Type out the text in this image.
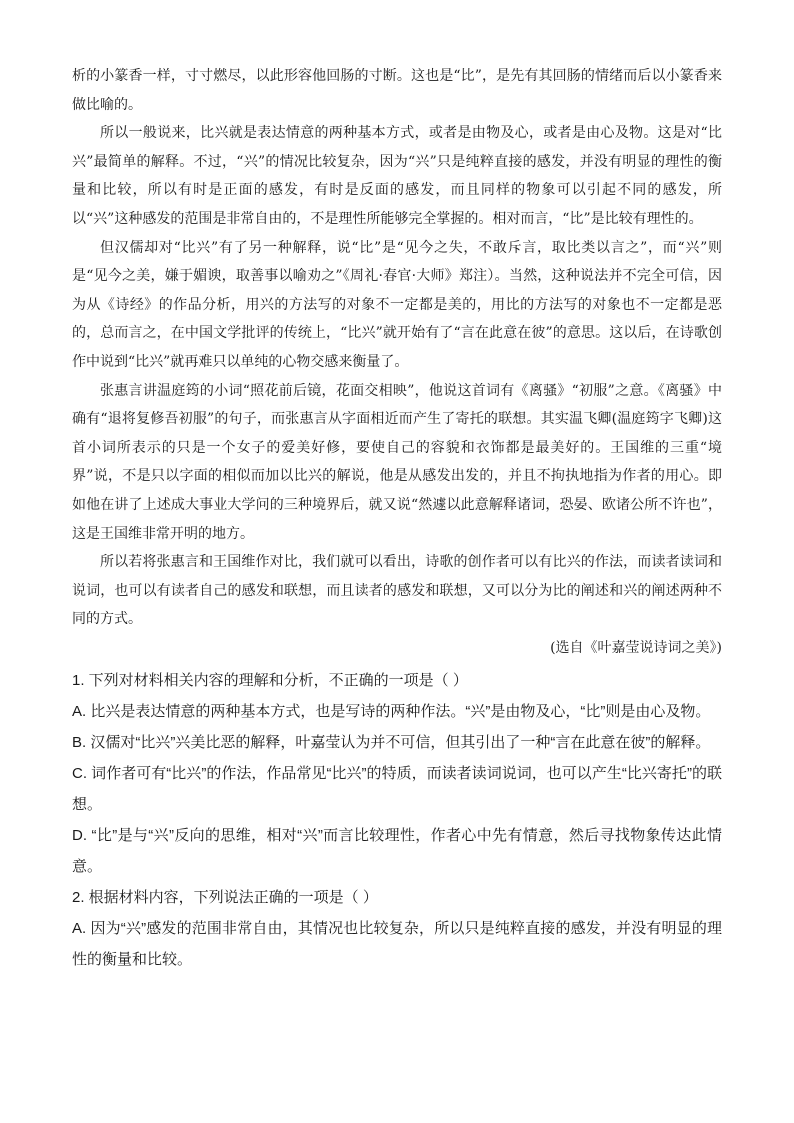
析的小篆香一样，寸寸燃尽，以此形容他回肠的寸断。这也是“比”，是先有其回肠的情绪而后以小篆香来做比喻的。

所以一般说来，比兴就是表达情意的两种基本方式，或者是由物及心，或者是由心及物。这是对“比兴”最简单的解释。不过，“兴”的情况比较复杂，因为“兴”只是纯粹直接的感发，并没有明显的理性的衡量和比较，所以有时是正面的感发，有时是反面的感发，而且同样的物象可以引起不同的感发，所以“兴”这种感发的范围是非常自由的，不是理性所能够完全掌握的。相对而言，“比”是比较有理性的。

但汉儒却对“比兴”有了另一种解释，说“比”是“见今之失，不敢斥言，取比类以言之”，而“兴”则是“见今之美，嫌于媚谀，取善事以喻劝之”《周礼·春官·大师》郑注）。当然，这种说法并不完全可信，因为从《诗经》的作品分析，用兴的方法写的对象不一定都是美的，用比的方法写的对象也不一定都是恶的，总而言之，在中国文学批评的传统上，“比兴”就开始有了“言在此意在彼”的意思。这以后，在诗歌创作中说到“比兴”就再难只以单纯的心物交感来衡量了。

张惠言讲温庭筠的小词“照花前后镜，花面交相映”，他说这首词有《离骚》“初服”之意。《离骚》中确有“退将复修吾初服”的句子，而张惠言从字面相近而产生了寄托的联想。其实温飞卿(温庭筠字飞卿)这首小词所表示的只是一个女子的爱美好修，要使自己的容貌和衣饰都是最美好的。王国维的三重“境界”说，不是只以字面的相似而加以比兴的解说，他是从感发出发的，并且不拘执地指为作者的用心。即如他在讲了上述成大事业大学问的三种境界后，就又说“然遽以此意解释诸词，恐晏、欧诸公所不许也”，这是王国维非常开明的地方。

所以若将张惠言和王国维作对比，我们就可以看出，诗歌的创作者可以有比兴的作法，而读者读词和说词，也可以有读者自己的感发和联想，而且读者的感发和联想，又可以分为比的阐述和兴的阐述两种不同的方式。

(选自《叶嘉莹说诗词之美》)

1. 下列对材料相关内容的理解和分析，不正确的一项是（ ）

A. 比兴是表达情意的两种基本方式，也是写诗的两种作法。“兴”是由物及心，“比”则是由心及物。

B. 汉儒对“比兴”兴美比恶的解释，叶嘉莹认为并不可信，但其引出了一种“言在此意在彼”的解释。

C. 词作者可有“比兴”的作法，作品常见“比兴”的特质，而读者读词说词，也可以产生“比兴寄托”的联想。

D. “比”是与“兴”反向的思维，相对“兴”而言比较理性，作者心中先有情意，然后寻找物象传达此情意。

2. 根据材料内容，下列说法正确的一项是（ ）

A. 因为“兴”感发的范围非常自由，其情况也比较复杂，所以只是纯粹直接的感发，并没有明显的理性的衡量和比较。
